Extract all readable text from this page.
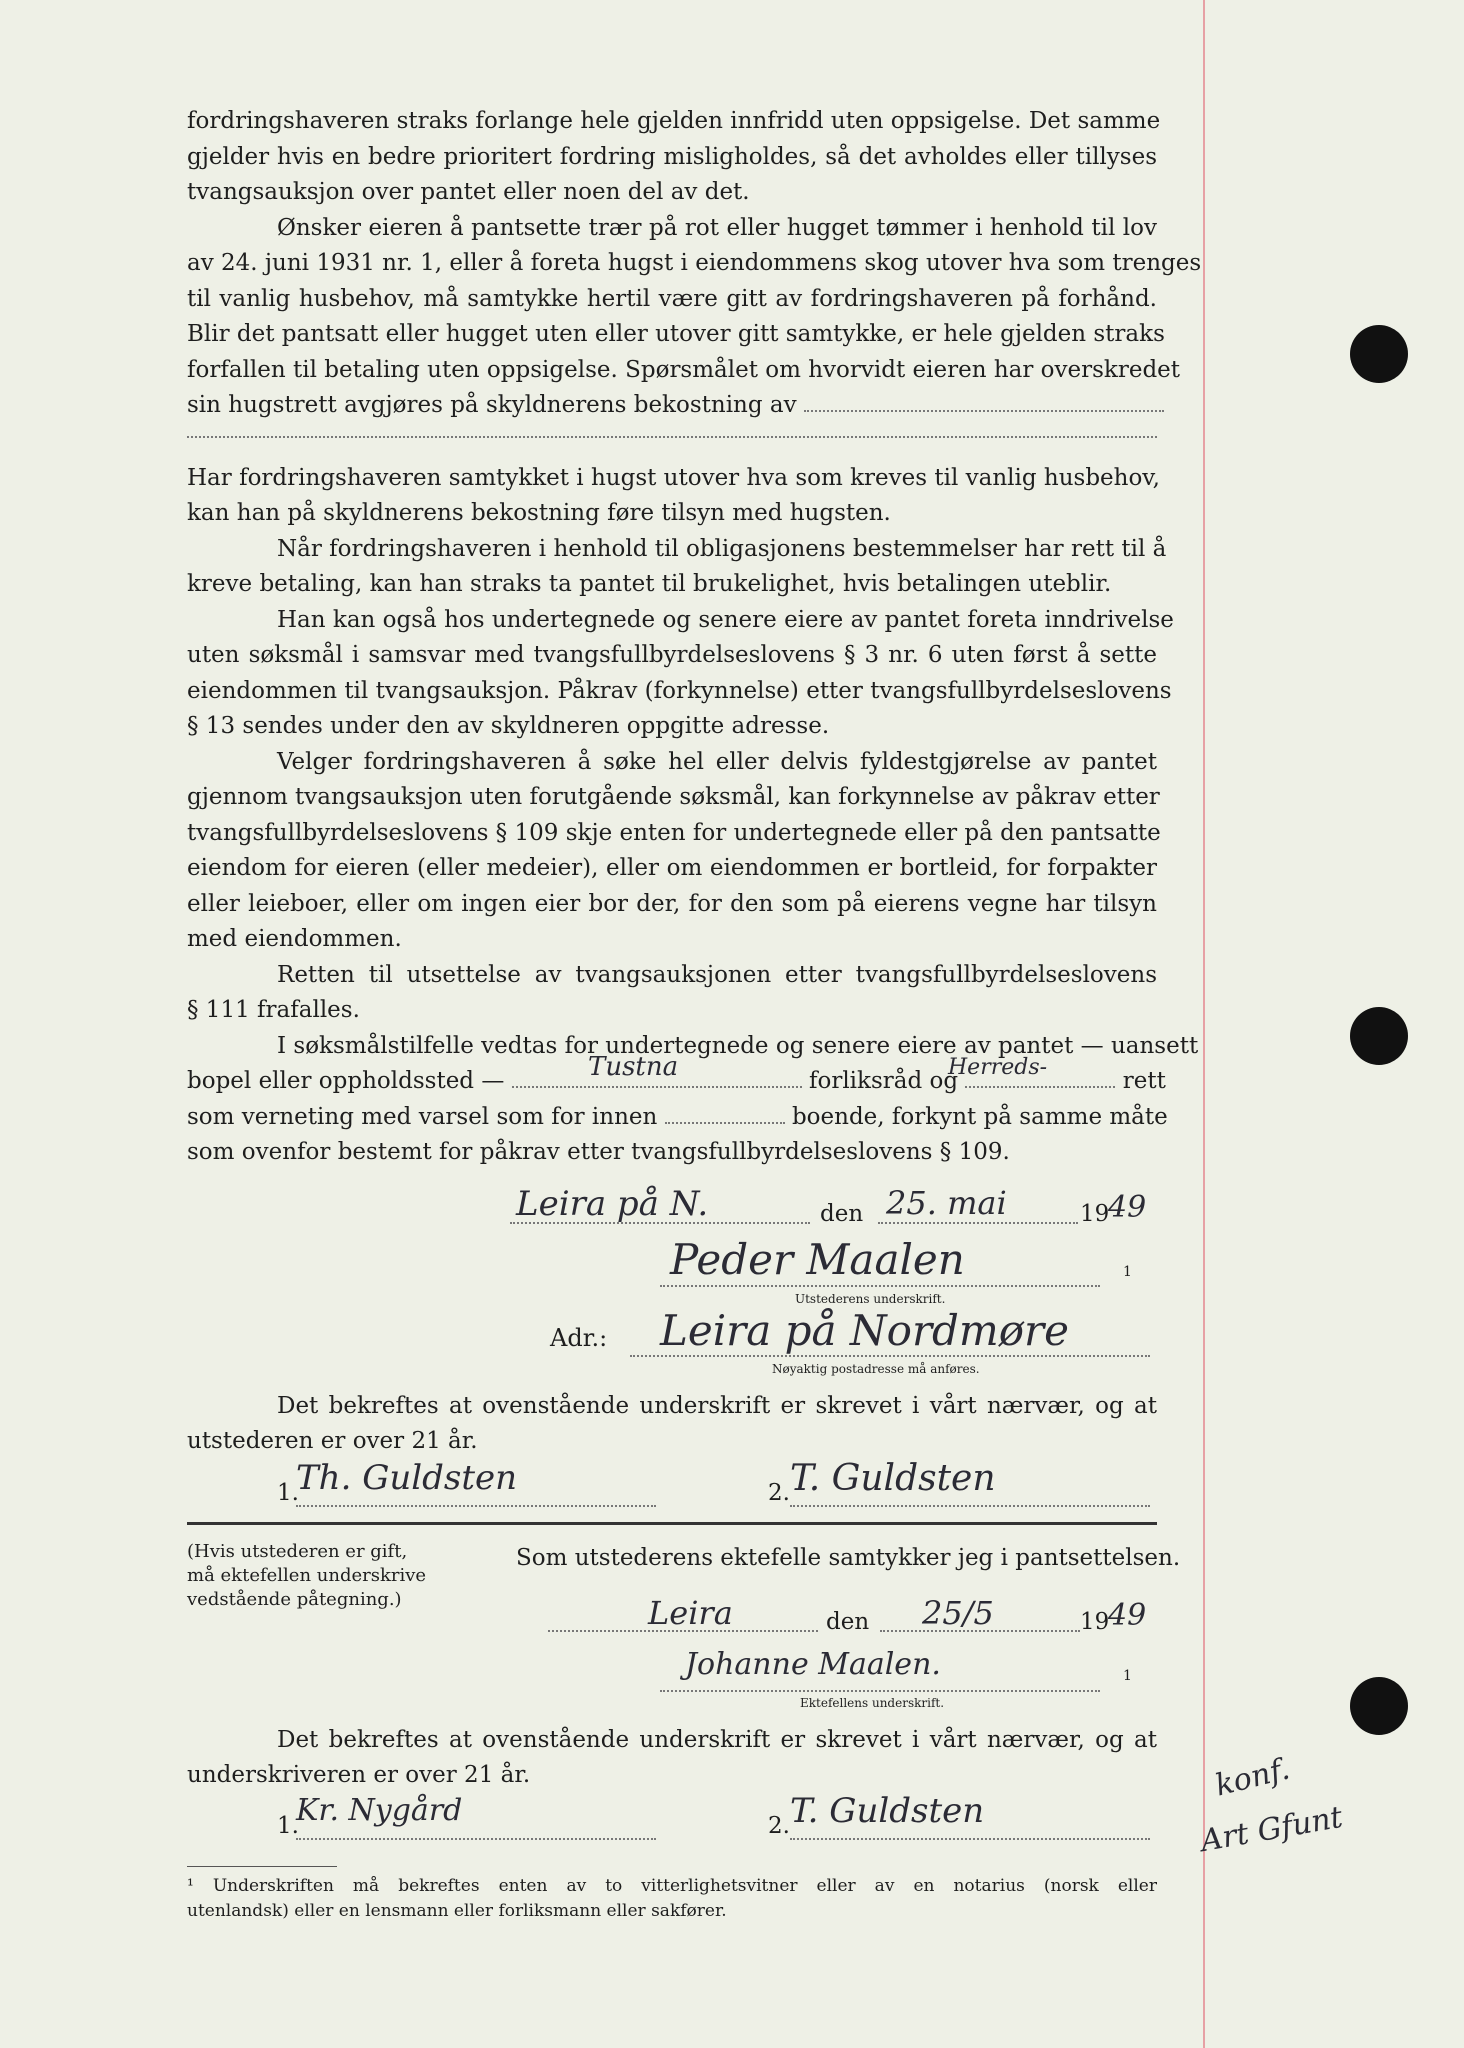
fordringshaveren straks forlange hele gjelden innfridd uten oppsigelse. Det samme
gjelder hvis en bedre prioritert fordring misligholdes, så det avholdes eller tillyses
tvangsauksjon over pantet eller noen del av det.
Ønsker eieren å pantsette trær på rot eller hugget tømmer i henhold til lov
av 24. juni 1931 nr. 1, eller å foreta hugst i eiendommens skog utover hva som trenges
til vanlig husbehov, må samtykke hertil være gitt av fordringshaveren på forhånd.
Blir det pantsatt eller hugget uten eller utover gitt samtykke, er hele gjelden straks
forfallen til betaling uten oppsigelse. Spørsmålet om hvorvidt eieren har overskredet
sin hugstrett avgjøres på skyldnerens bekostning av
Har fordringshaveren samtykket i hugst utover hva som kreves til vanlig husbehov,
kan han på skyldnerens bekostning føre tilsyn med hugsten.
Når fordringshaveren i henhold til obligasjonens bestemmelser har rett til å
kreve betaling, kan han straks ta pantet til brukelighet, hvis betalingen uteblir.
Han kan også hos undertegnede og senere eiere av pantet foreta inndrivelse
uten søksmål i samsvar med tvangsfullbyrdelseslovens § 3 nr. 6 uten først å sette
eiendommen til tvangsauksjon. Påkrav (forkynnelse) etter tvangsfullbyrdelseslovens
§ 13 sendes under den av skyldneren oppgitte adresse.
Velger fordringshaveren å søke hel eller delvis fyldestgjørelse av pantet
gjennom tvangsauksjon uten forutgående søksmål, kan forkynnelse av påkrav etter
tvangsfullbyrdelseslovens § 109 skje enten for undertegnede eller på den pantsatte
eiendom for eieren (eller medeier), eller om eiendommen er bortleid, for forpakter
eller leieboer, eller om ingen eier bor der, for den som på eierens vegne har tilsyn
med eiendommen.
Retten til utsettelse av tvangsauksjonen etter tvangsfullbyrdelseslovens
§ 111 frafalles.
I søksmålstilfelle vedtas for undertegnede og senere eiere av pantet — uansett
bopel eller oppholdssted —	forliksråd og	rett
Tustna	Herreds-
som verneting med varsel som for innen	boende, forkynt på samme måte
som ovenfor bestemt for påkrav etter tvangsfullbyrdelseslovens § 109.
Leira på N.	den 25. mai	19
49
Peder Maalen	1
Utstederens underskrift.
Adr.:	Leira på Nordmøre
Nøyaktig postadresse må anføres.
Det bekreftes at ovenstående underskrift er skrevet i vårt nærvær, og at
utstederen er over 21 år.
1.
Th. Guldsten	2. T. Guldsten
(Hvis utstederen er gift,
må ektefellen underskrive
vedstående påtegning.)
Som utstederens ektefelle samtykker jeg i pantsettelsen.
Leira	den	25/5	19
49
Johanne Maalen.	1
Ektefellens underskrift.
Det bekreftes at ovenstående underskrift er skrevet i vårt nærvær, og at
underskriveren er over 21 år.
1.
Kr. Nygård	2. T. Guldsten
¹ Underskriften må bekreftes enten av to vitterlighetsvitner eller av en notarius (norsk eller
utenlandsk) eller en lensmann eller forliksmann eller sakfører.
konf.
Art Gfunt
